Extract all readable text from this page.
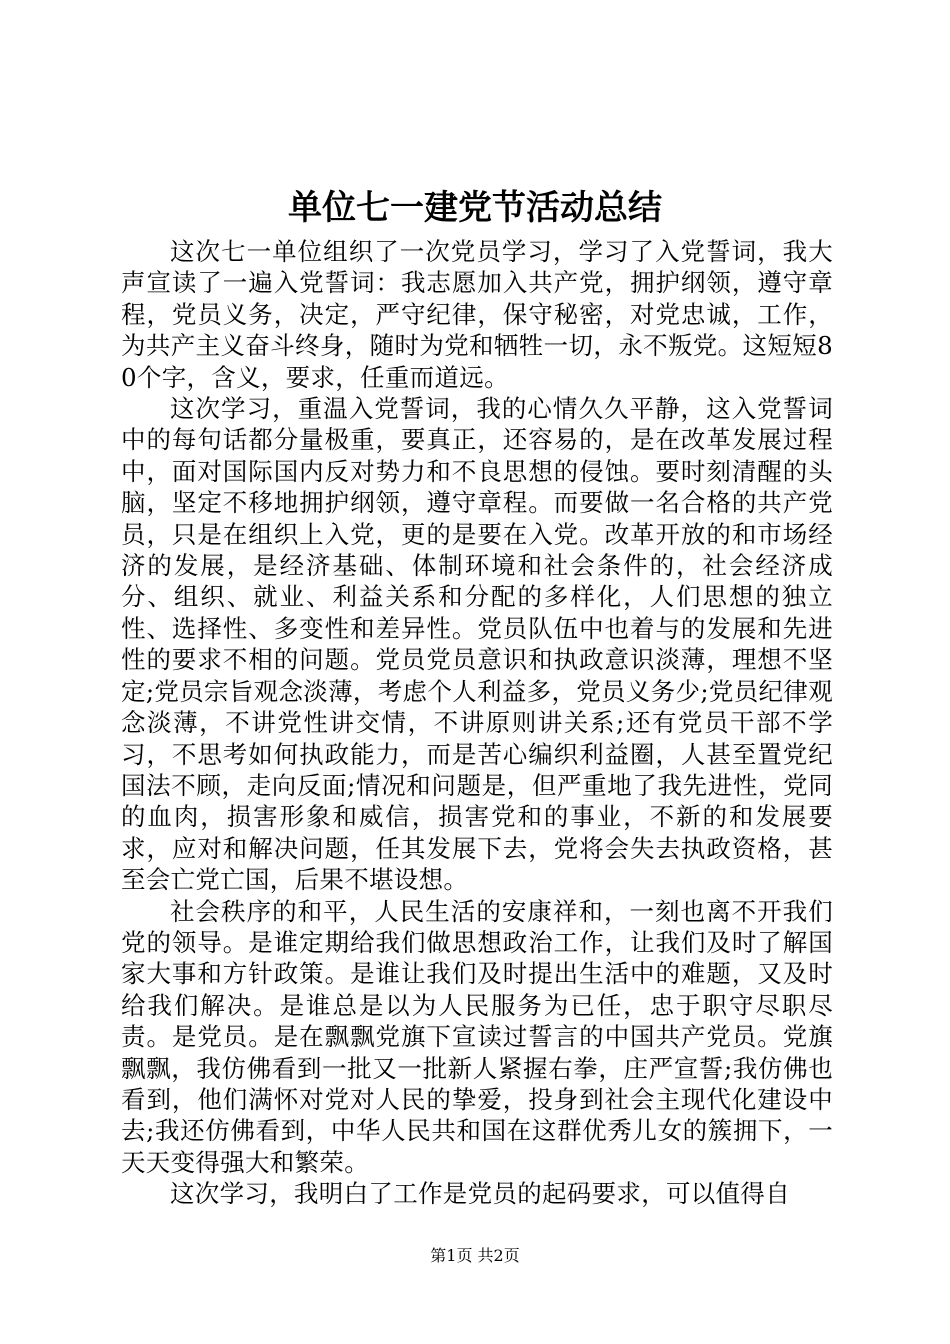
单位七一建党节活动总结

这次七一单位组织了一次党员学习，学习了入党誓词，我大声宣读了一遍入党誓词：我志愿加入共产党，拥护纲领，遵守章程，党员义务，决定，严守纪律，保守秘密，对党忠诚，工作，为共产主义奋斗终身，随时为党和牺牲一切，永不叛党。这短短80个字，含义，要求，任重而道远。

这次学习，重温入党誓词，我的心情久久平静，这入党誓词中的每句话都分量极重，要真正，还容易的，是在改革发展过程中，面对国际国内反对势力和不良思想的侵蚀。要时刻清醒的头脑，坚定不移地拥护纲领，遵守章程。而要做一名合格的共产党员，只是在组织上入党，更的是要在入党。改革开放的和市场经济的发展，是经济基础、体制环境和社会条件的，社会经济成分、组织、就业、利益关系和分配的多样化，人们思想的独立性、选择性、多变性和差异性。党员队伍中也着与的发展和先进性的要求不相的问题。党员党员意识和执政意识淡薄，理想不坚定;党员宗旨观念淡薄，考虑个人利益多，党员义务少;党员纪律观念淡薄，不讲党性讲交情，不讲原则讲关系;还有党员干部不学习，不思考如何执政能力，而是苦心编织利益圈，人甚至置党纪国法不顾，走向反面;情况和问题是，但严重地了我先进性，党同的血肉，损害形象和威信，损害党和的事业，不新的和发展要求，应对和解决问题，任其发展下去，党将会失去执政资格，甚至会亡党亡国，后果不堪设想。

社会秩序的和平，人民生活的安康祥和，一刻也离不开我们党的领导。是谁定期给我们做思想政治工作，让我们及时了解国家大事和方针政策。是谁让我们及时提出生活中的难题，又及时给我们解决。是谁总是以为人民服务为已任，忠于职守尽职尽责。是党员。是在飘飘党旗下宣读过誓言的中国共产党员。党旗飘飘，我仿佛看到一批又一批新人紧握右拳，庄严宣誓;我仿佛也看到，他们满怀对党对人民的挚爱，投身到社会主现代化建设中去;我还仿佛看到，中华人民共和国在这群优秀儿女的簇拥下，一天天变得强大和繁荣。

这次学习，我明白了工作是党员的起码要求，可以值得自

第1页 共2页
